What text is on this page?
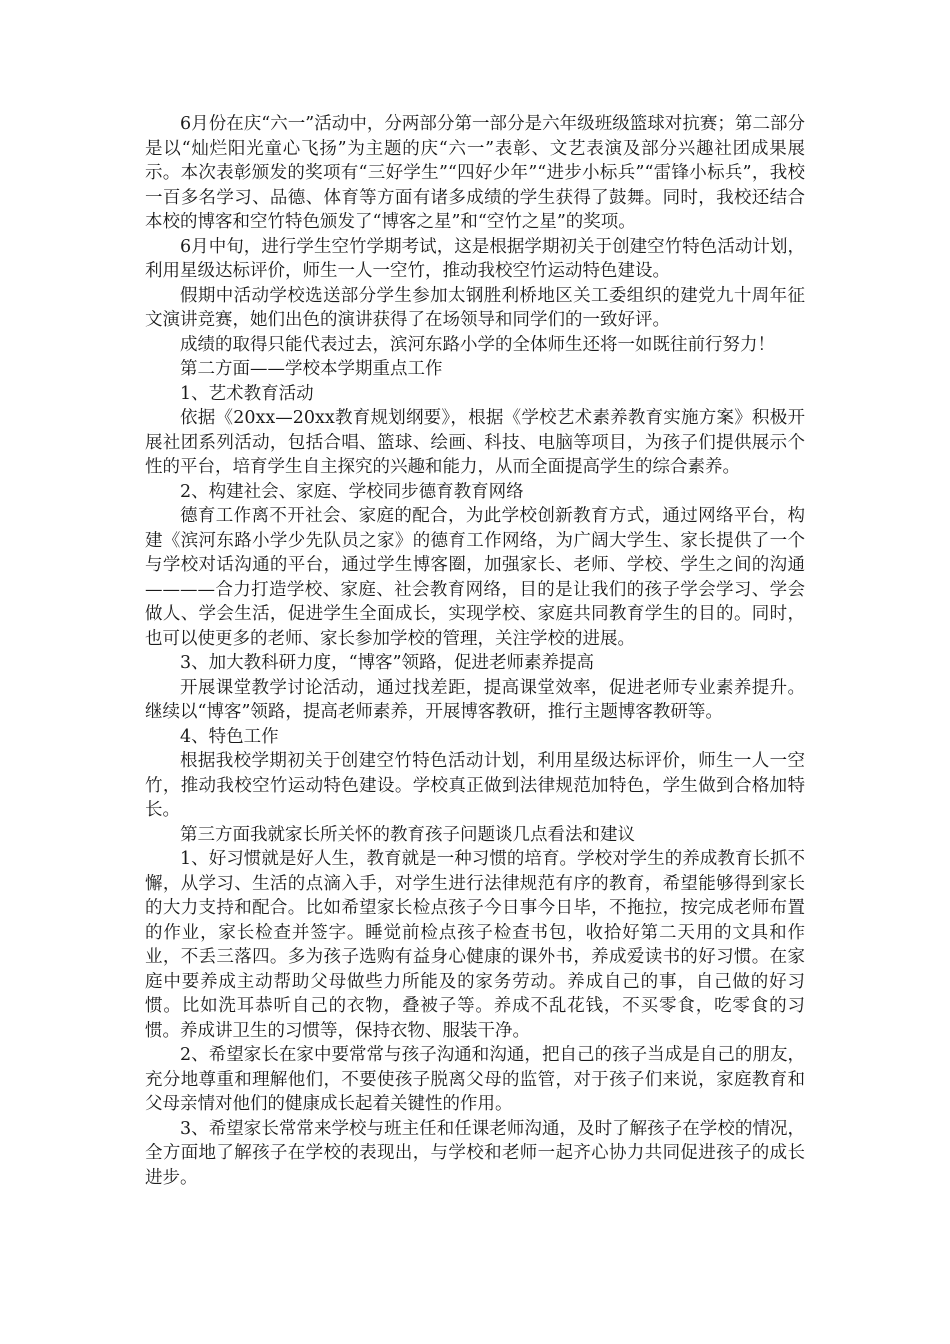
6月份在庆“六一”活动中，分两部分第一部分是六年级班级篮球对抗赛；第二部分是以“灿烂阳光童心飞扬”为主题的庆“六一”表彰、文艺表演及部分兴趣社团成果展示。本次表彰颁发的奖项有“三好学生”“四好少年”“进步小标兵”“雷锋小标兵”，我校一百多名学习、品德、体育等方面有诸多成绩的学生获得了鼓舞。同时，我校还结合本校的博客和空竹特色颁发了“博客之星”和“空竹之星”的奖项。

6月中旬，进行学生空竹学期考试，这是根据学期初关于创建空竹特色活动计划，利用星级达标评价，师生一人一空竹，推动我校空竹运动特色建设。

假期中活动学校选送部分学生参加太钢胜利桥地区关工委组织的建党九十周年征文演讲竞赛，她们出色的演讲获得了在场领导和同学们的一致好评。

成绩的取得只能代表过去，滨河东路小学的全体师生还将一如既往前行努力！

第二方面——学校本学期重点工作

1、艺术教育活动

依据《20xx—20xx教育规划纲要》，根据《学校艺术素养教育实施方案》积极开展社团系列活动，包括合唱、篮球、绘画、科技、电脑等项目，为孩子们提供展示个性的平台，培育学生自主探究的兴趣和能力，从而全面提高学生的综合素养。

2、构建社会、家庭、学校同步德育教育网络

德育工作离不开社会、家庭的配合，为此学校创新教育方式，通过网络平台，构建《滨河东路小学少先队员之家》的德育工作网络，为广阔大学生、家长提供了一个与学校对话沟通的平台，通过学生博客圈，加强家长、老师、学校、学生之间的沟通————合力打造学校、家庭、社会教育网络，目的是让我们的孩子学会学习、学会做人、学会生活，促进学生全面成长，实现学校、家庭共同教育学生的目的。同时，也可以使更多的老师、家长参加学校的管理，关注学校的进展。

3、加大教科研力度，“博客”领路，促进老师素养提高

开展课堂教学讨论活动，通过找差距，提高课堂效率，促进老师专业素养提升。继续以“博客”领路，提高老师素养，开展博客教研，推行主题博客教研等。

4、特色工作

根据我校学期初关于创建空竹特色活动计划，利用星级达标评价，师生一人一空竹，推动我校空竹运动特色建设。学校真正做到法律规范加特色，学生做到合格加特长。

第三方面我就家长所关怀的教育孩子问题谈几点看法和建议

1、好习惯就是好人生，教育就是一种习惯的培育。学校对学生的养成教育长抓不懈，从学习、生活的点滴入手，对学生进行法律规范有序的教育，希望能够得到家长的大力支持和配合。比如希望家长检点孩子今日事今日毕，不拖拉，按完成老师布置的作业，家长检查并签字。睡觉前检点孩子检查书包，收拾好第二天用的文具和作业，不丢三落四。多为孩子选购有益身心健康的课外书，养成爱读书的好习惯。在家庭中要养成主动帮助父母做些力所能及的家务劳动。养成自己的事，自己做的好习惯。比如洗耳恭听自己的衣物，叠被子等。养成不乱花钱，不买零食，吃零食的习惯。养成讲卫生的习惯等，保持衣物、服装干净。

2、希望家长在家中要常常与孩子沟通和沟通，把自己的孩子当成是自己的朋友，充分地尊重和理解他们，不要使孩子脱离父母的监管，对于孩子们来说，家庭教育和父母亲情对他们的健康成长起着关键性的作用。

3、希望家长常常来学校与班主任和任课老师沟通，及时了解孩子在学校的情况，全方面地了解孩子在学校的表现出，与学校和老师一起齐心协力共同促进孩子的成长进步。
